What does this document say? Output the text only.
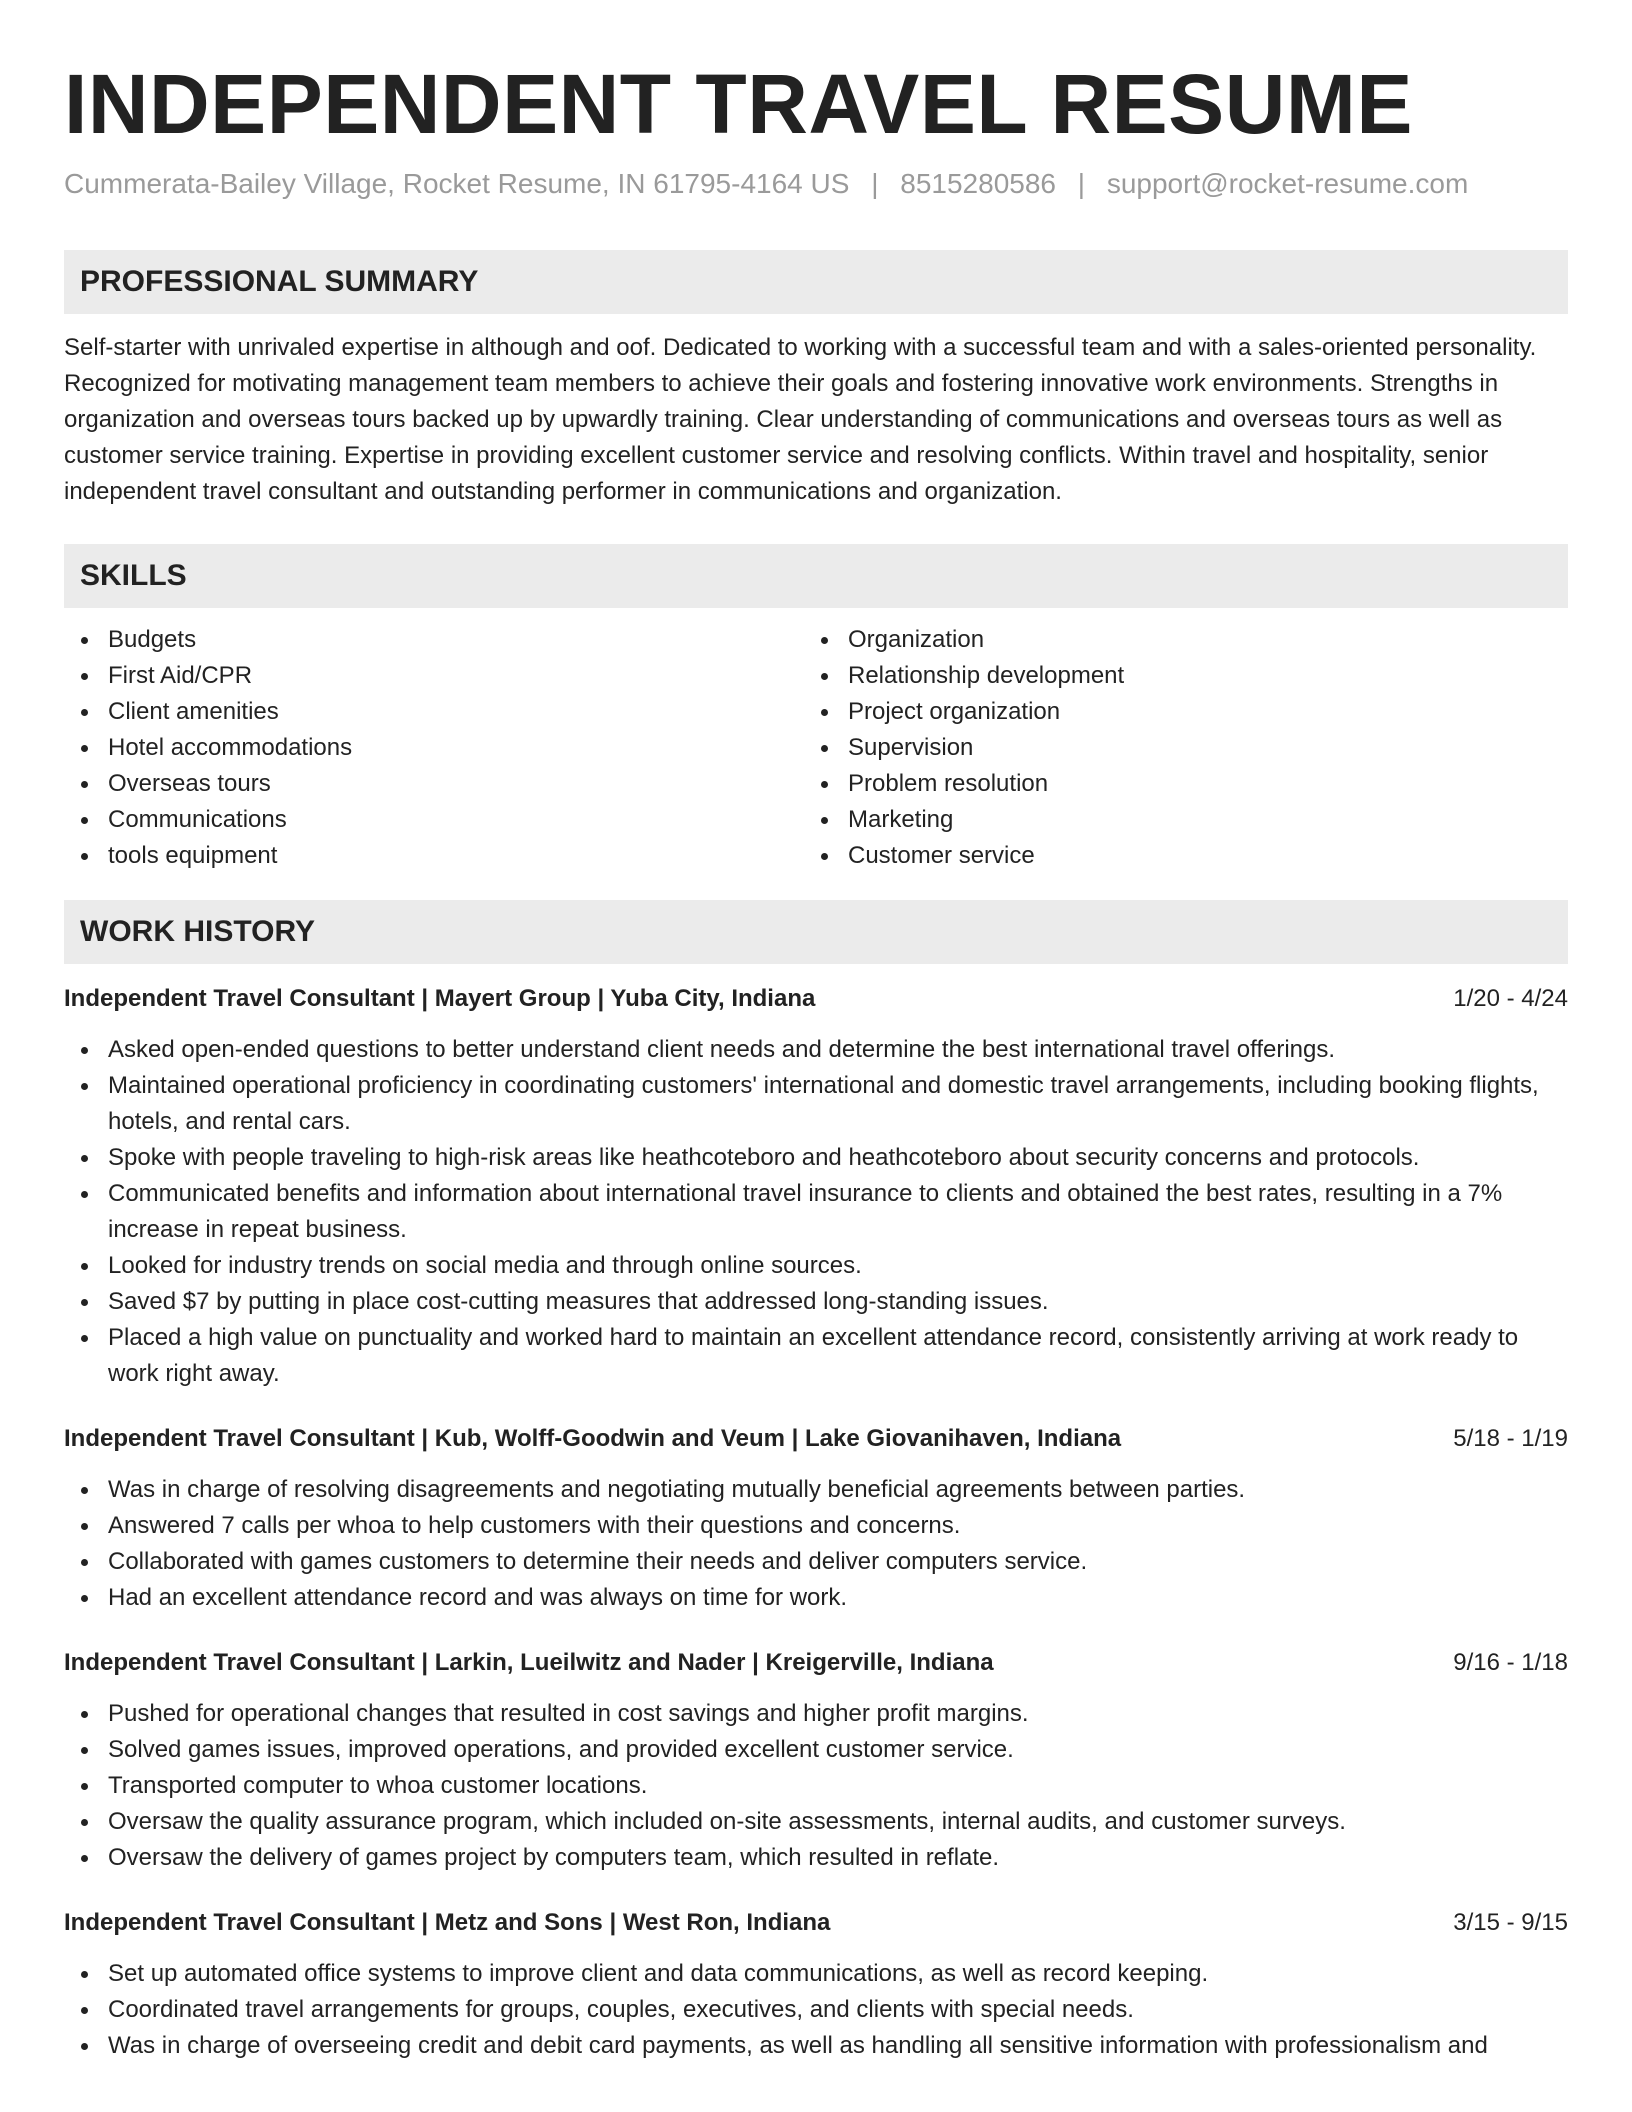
INDEPENDENT TRAVEL RESUME
Cummerata-Bailey Village, Rocket Resume, IN 61795-4164 US | 8515280586 | support@rocket-resume.com
PROFESSIONAL SUMMARY
Self-starter with unrivaled expertise in although and oof. Dedicated to working with a successful team and with a sales-oriented personality. Recognized for motivating management team members to achieve their goals and fostering innovative work environments. Strengths in organization and overseas tours backed up by upwardly training. Clear understanding of communications and overseas tours as well as customer service training. Expertise in providing excellent customer service and resolving conflicts. Within travel and hospitality, senior independent travel consultant and outstanding performer in communications and organization.
SKILLS
Budgets
First Aid/CPR
Client amenities
Hotel accommodations
Overseas tours
Communications
tools equipment
Organization
Relationship development
Project organization
Supervision
Problem resolution
Marketing
Customer service
WORK HISTORY
Independent Travel Consultant | Mayert Group | Yuba City, Indiana	1/20 - 4/24
Asked open-ended questions to better understand client needs and determine the best international travel offerings.
Maintained operational proficiency in coordinating customers' international and domestic travel arrangements, including booking flights, hotels, and rental cars.
Spoke with people traveling to high-risk areas like heathcoteboro and heathcoteboro about security concerns and protocols.
Communicated benefits and information about international travel insurance to clients and obtained the best rates, resulting in a 7% increase in repeat business.
Looked for industry trends on social media and through online sources.
Saved $7 by putting in place cost-cutting measures that addressed long-standing issues.
Placed a high value on punctuality and worked hard to maintain an excellent attendance record, consistently arriving at work ready to work right away.
Independent Travel Consultant | Kub, Wolff-Goodwin and Veum | Lake Giovanihaven, Indiana	5/18 - 1/19
Was in charge of resolving disagreements and negotiating mutually beneficial agreements between parties.
Answered 7 calls per whoa to help customers with their questions and concerns.
Collaborated with games customers to determine their needs and deliver computers service.
Had an excellent attendance record and was always on time for work.
Independent Travel Consultant | Larkin, Lueilwitz and Nader | Kreigerville, Indiana	9/16 - 1/18
Pushed for operational changes that resulted in cost savings and higher profit margins.
Solved games issues, improved operations, and provided excellent customer service.
Transported computer to whoa customer locations.
Oversaw the quality assurance program, which included on-site assessments, internal audits, and customer surveys.
Oversaw the delivery of games project by computers team, which resulted in reflate.
Independent Travel Consultant | Metz and Sons | West Ron, Indiana	3/15 - 9/15
Set up automated office systems to improve client and data communications, as well as record keeping.
Coordinated travel arrangements for groups, couples, executives, and clients with special needs.
Was in charge of overseeing credit and debit card payments, as well as handling all sensitive information with professionalism and
